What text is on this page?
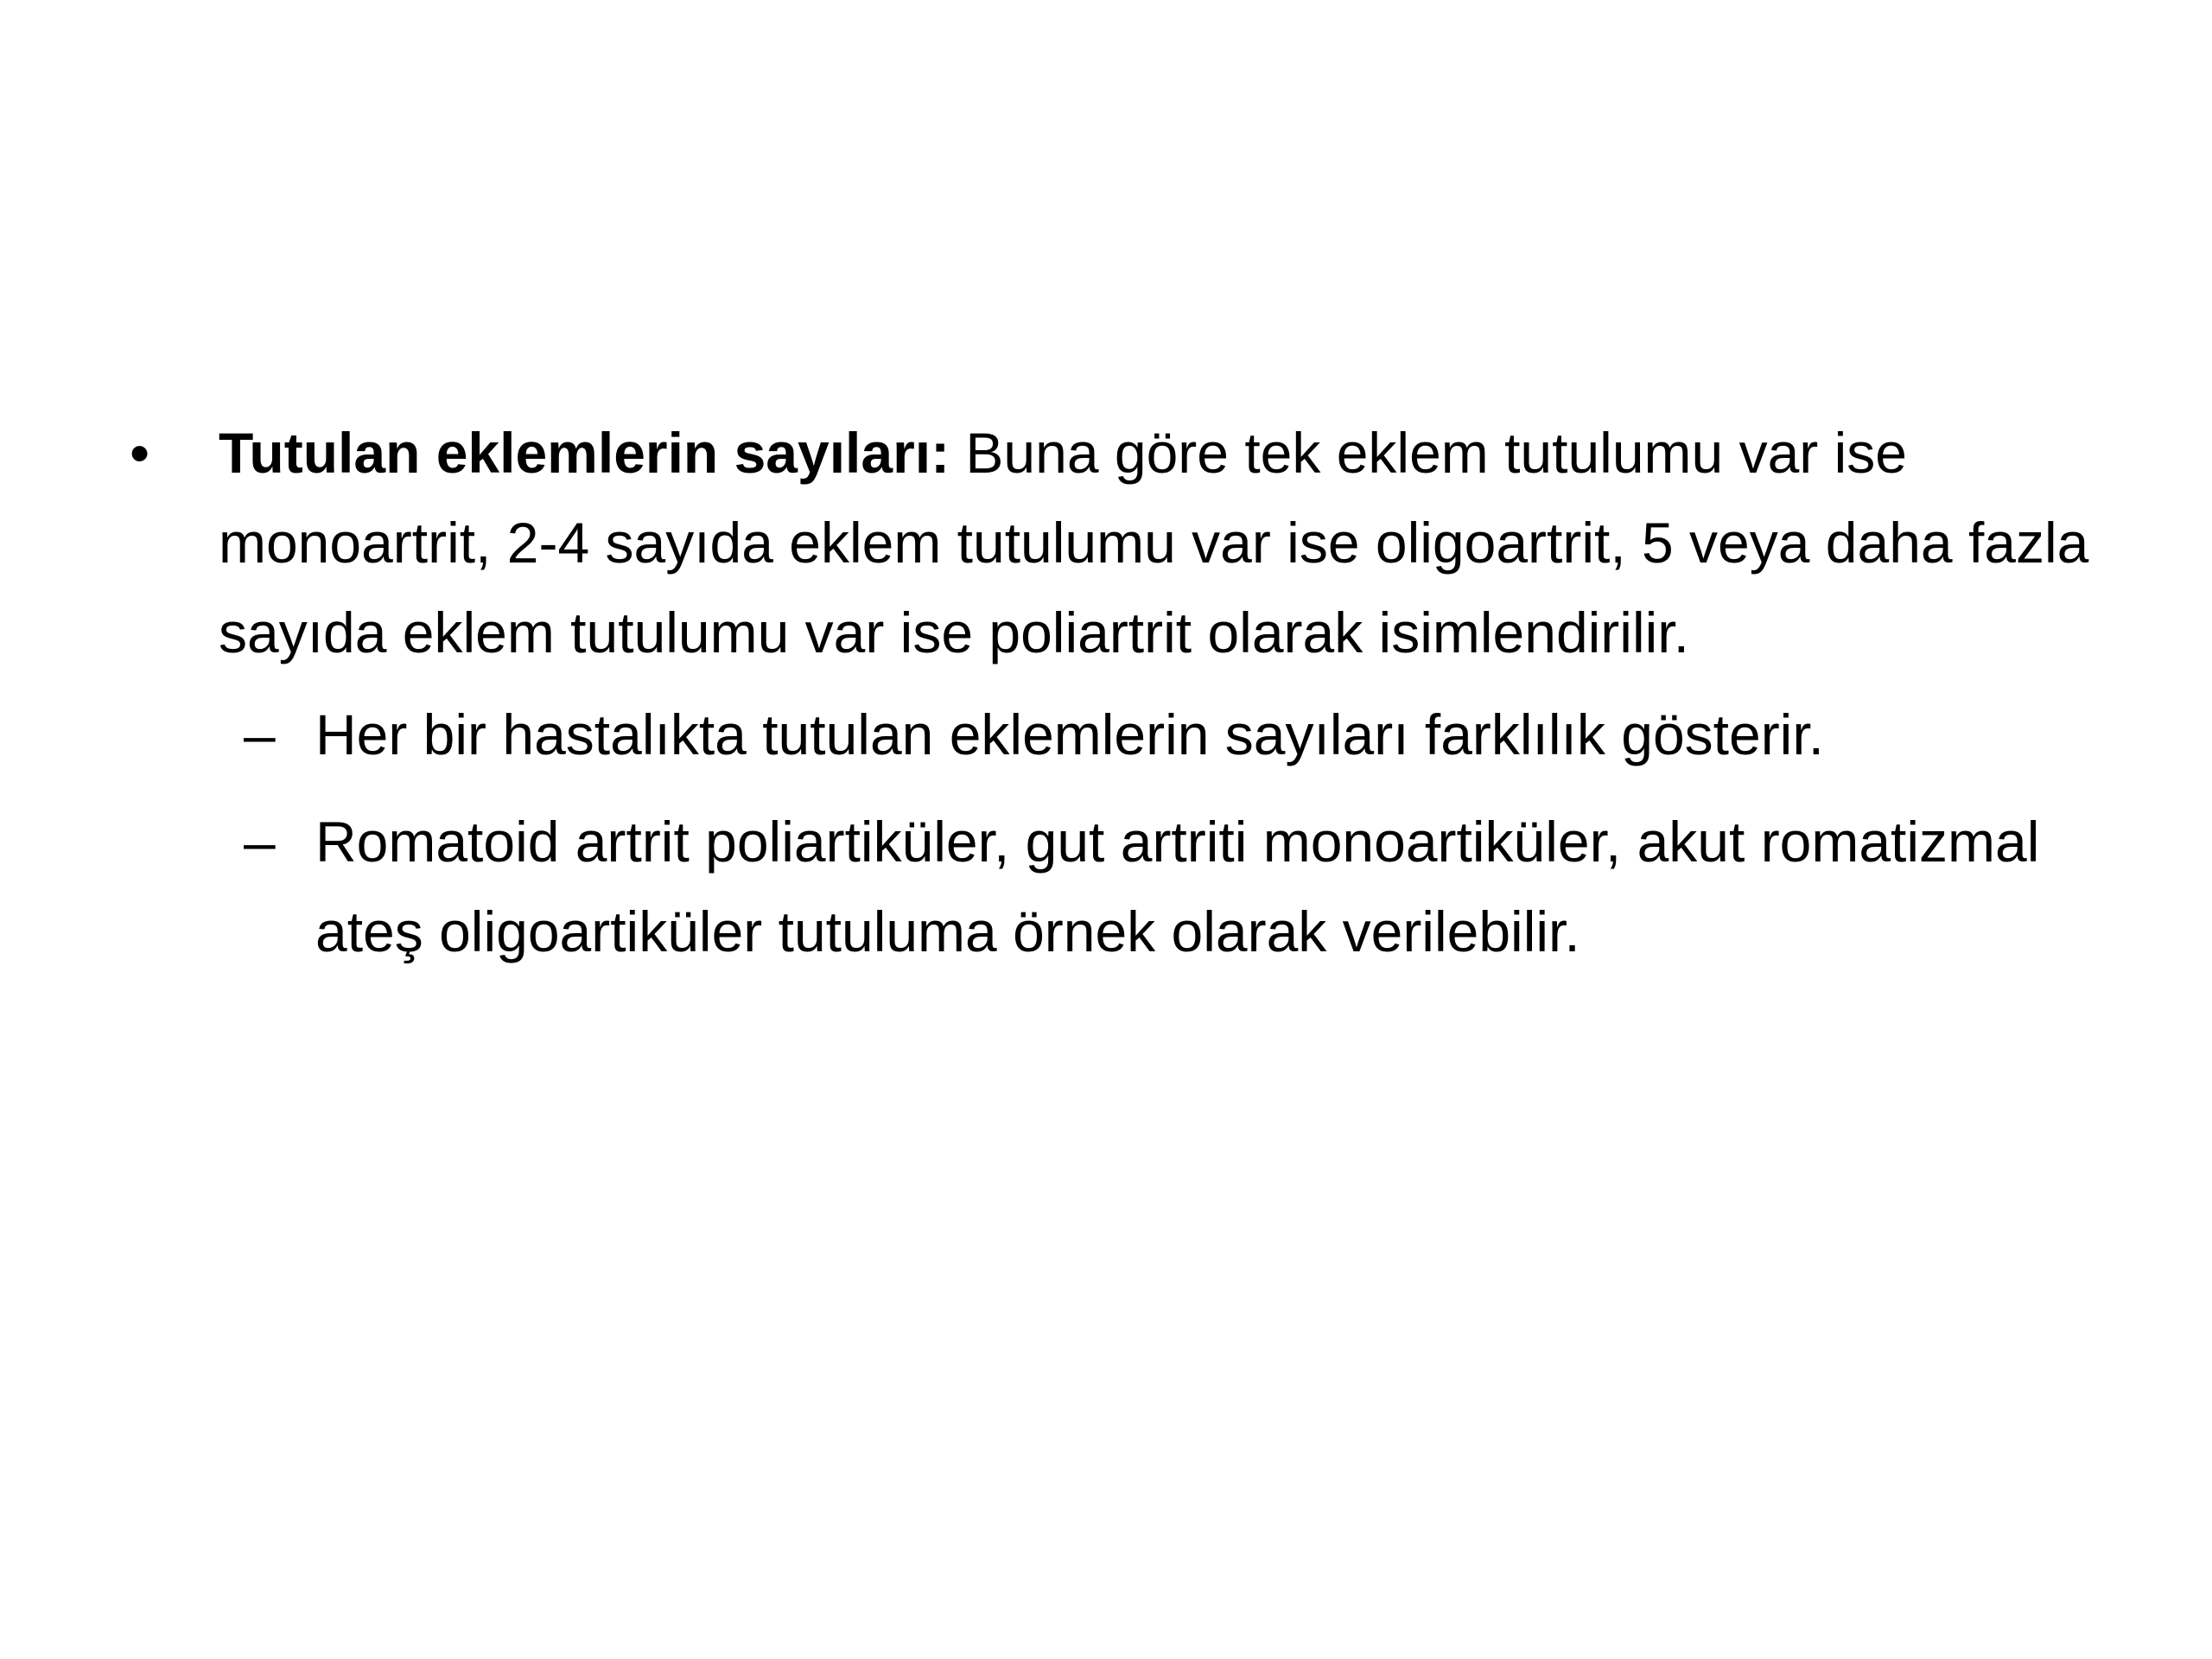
•	Tutulan eklemlerin sayıları: Buna göre tek eklem tutulumu var ise monoartrit, 2-4 sayıda eklem tutulumu var ise oligoartrit, 5 veya daha fazla sayıda eklem tutulumu var ise poliartrit olarak isimlendirilir.
– Her bir hastalıkta tutulan eklemlerin sayıları farklılık gösterir.
– Romatoid artrit poliartiküler, gut artriti monoartiküler, akut romatizmal ateş oligoartiküler tutuluma örnek olarak verilebilir.
